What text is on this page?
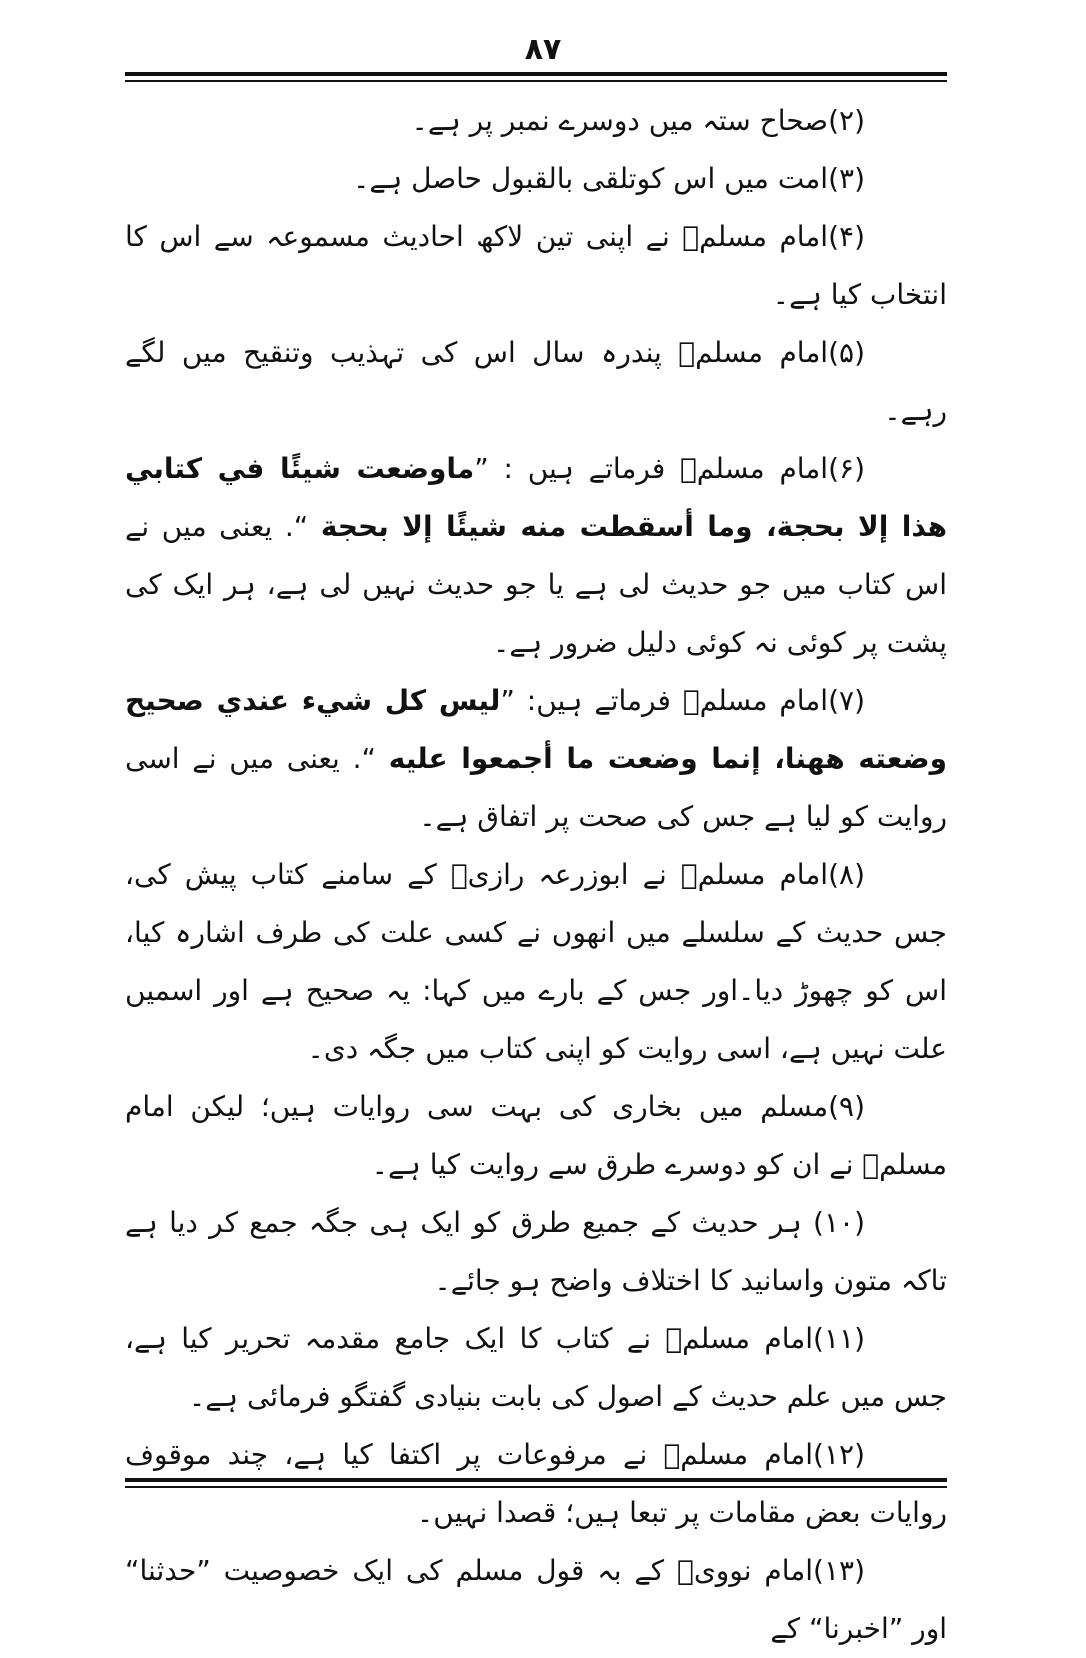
۸۷

(۲)صحاح ستہ میں دوسرے نمبر پر ہے۔

(۳)امت میں اس کوتلقی بالقبول حاصل ہے۔

(۴)امام مسلمؒ نے اپنی تین لاکھ احادیث مسموعہ سے اس کا انتخاب کیا ہے۔

(۵)امام مسلمؒ پندرہ سال اس کی تہذیب وتنقیح میں لگے رہے۔

(۶)امام مسلمؒ فرماتے ہیں : ”ماوضعت شيئًا في كتابي هذا إلا بحجة، وما أسقطت منه شيئًا إلا بحجة “. یعنی میں نے اس کتاب میں جو حدیث لی ہے یا جو حدیث نہیں لی ہے، ہر ایک کی پشت پر کوئی نہ کوئی دلیل ضرور ہے۔

(۷)امام مسلمؒ فرماتے ہیں: ”ليس كل شيء عندي صحيح وضعته ههنا، إنما وضعت ما أجمعوا عليه “. یعنی میں نے اسی روایت کو لیا ہے جس کی صحت پر اتفاق ہے۔

(۸)امام مسلمؒ نے ابوزرعہ رازیؒ کے سامنے کتاب پیش کی، جس حدیث کے سلسلے میں انھوں نے کسی علت کی طرف اشارہ کیا، اس کو چھوڑ دیا۔اور جس کے بارے میں کہا: یہ صحیح ہے اور اسمیں علت نہیں ہے، اسی روایت کو اپنی کتاب میں جگہ دی۔

(۹)مسلم میں بخاری کی بہت سی روایات ہیں؛ لیکن امام مسلمؒ نے ان کو دوسرے طرق سے روایت کیا ہے۔

(۱۰) ہر حدیث کے جمیع طرق کو ایک ہی جگہ جمع کر دیا ہے تاکہ متون واسانید کا اختلاف واضح ہو جائے۔

(۱۱)امام مسلمؒ نے کتاب کا ایک جامع مقدمہ تحریر کیا ہے، جس میں علم حدیث کے اصول کی بابت بنیادی گفتگو فرمائی ہے۔

(۱۲)امام مسلمؒ نے مرفوعات پر اکتفا کیا ہے، چند موقوف روایات بعض مقامات پر تبعا ہیں؛ قصدا نہیں۔

(۱۳)امام نوویؒ کے بہ قول مسلم کی ایک خصوصیت ”حدثنا“ اور ”اخبرنا“ کے
